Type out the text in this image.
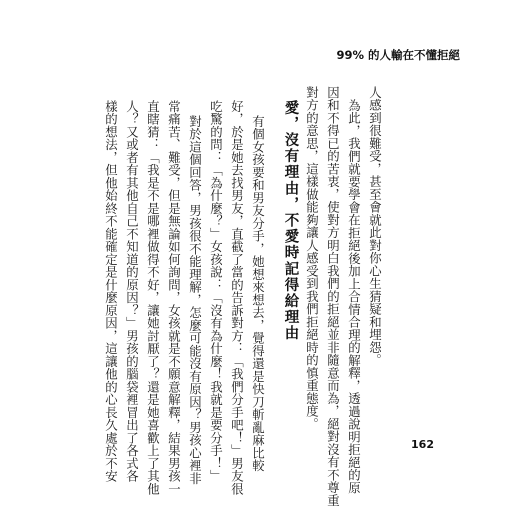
99% 的人輸在不懂拒絕
人感到很難受，甚至會就此對你心生猜疑和埋怨。
為此，我們就要學會在拒絕後加上合情合理的解釋，透過說明拒絕的原
因和不得已的苦衷，使對方明白我們的拒絕並非隨意而為，絕對沒有不尊重
對方的意思，這樣做能夠讓人感受到我們拒絕時的慎重態度。
愛，沒有理由，不愛時記得給理由
有個女孩要和男友分手，她想來想去，覺得還是快刀斬亂麻比較
好，於是她去找男友，直截了當的告訴對方：「我們分手吧！」男友很
吃驚的問：「為什麼？」女孩說：「沒有為什麼！我就是要分手！」
對於這個回答，男孩很不能理解，怎麼可能沒有原因？男孩心裡非
常痛苦、難受，但是無論如何詢問，女孩就是不願意解釋，結果男孩一
直瞎猜：「我是不是哪裡做得不好，讓她討厭了？還是她喜歡上了其他
人？又或者有其他自己不知道的原因？」男孩的腦袋裡冒出了各式各
樣的想法，但他始終不能確定是什麼原因，這讓他的心長久處於不安	162
